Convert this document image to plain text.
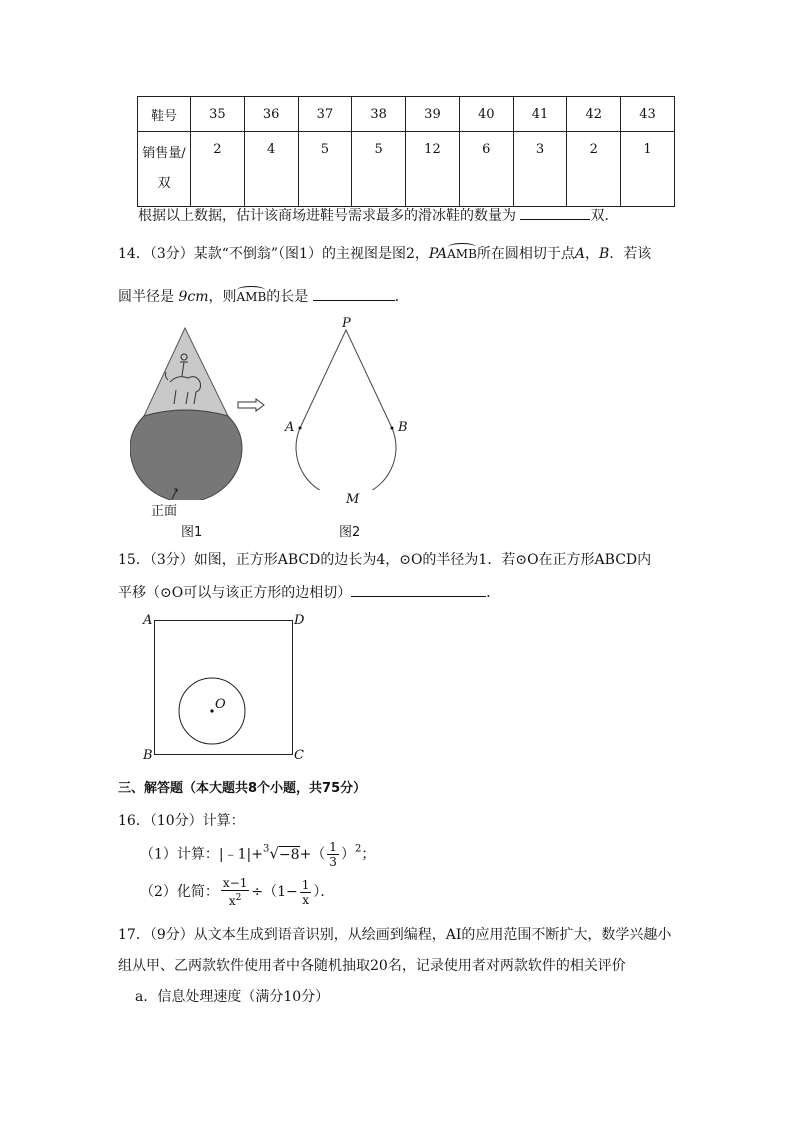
鞋号	35	36	37	38	39	40	41	42	43
销售量/双	2	4	5	5	12	6	3	2	1
根据以上数据，估计该商场进鞋号需求最多的滑冰鞋的数量为	双．
14．（3分）某款“不倒翁”（图1）的主视图是图2，PAAMB所在圆相切于点A，B．若该
圆半径是 9cm，则AMB的长是	．
正面
图1
P
A	B
M
图2
15．（3分）如图，正方形ABCD的边长为4，⊙O的半径为1．若⊙O在正方形ABCD内
平移（⊙O可以与该正方形的边相切）	．
A	D
B	C
O
三、解答题（本大题共8个小题，共75分）
16．（10分）计算：
（1）计算：|﹣1|+$^3$√−8+（ $\frac{1}{3} )^2$；
（2）化简： $\frac{x-1}{x^2} \div(1- \frac{1}{x}$ ）．
17．（9分）从文本生成到语音识别，从绘画到编程，AI的应用范围不断扩大，数学兴趣小
组从甲、乙两款软件使用者中各随机抽取20名，记录使用者对两款软件的相关评价
a．信息处理速度（满分10分）
